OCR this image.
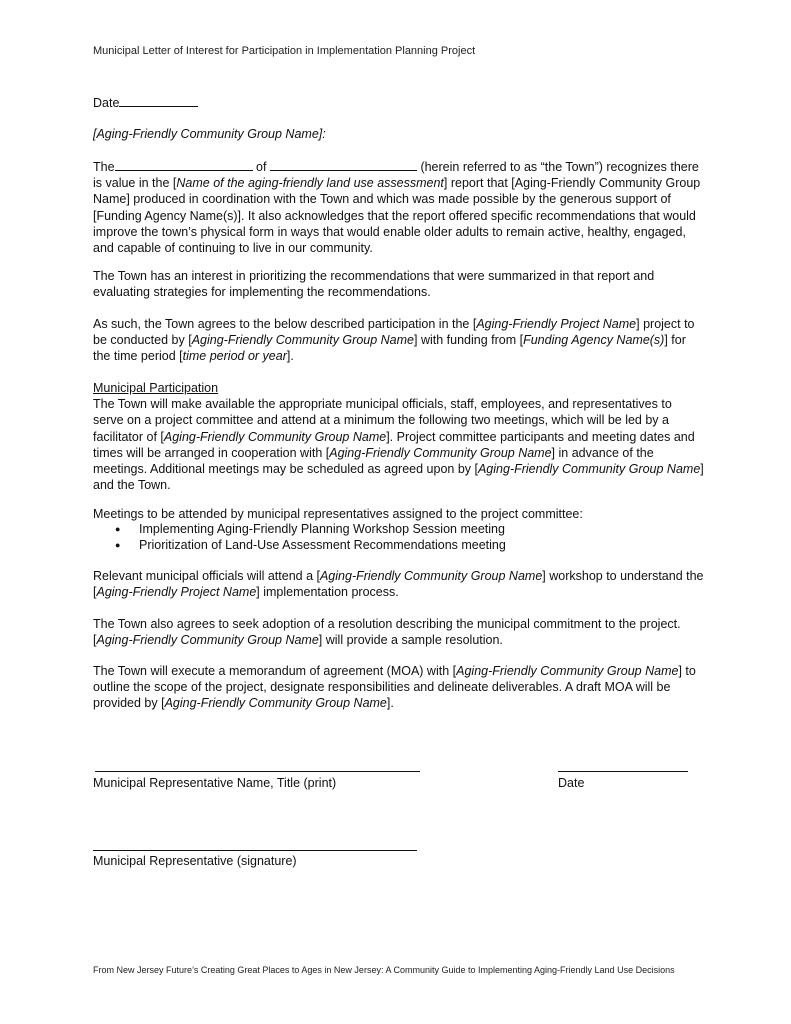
Municipal Letter of Interest for Participation in Implementation Planning Project
Date
[Aging-Friendly Community Group Name]:
The	of	(herein referred to as “the Town”) recognizes there is value in the [Name of the aging-friendly land use assessment] report that [Aging-Friendly Community Group Name] produced in coordination with the Town and which was made possible by the generous support of [Funding Agency Name(s)]. It also acknowledges that the report offered specific recommendations that would improve the town’s physical form in ways that would enable older adults to remain active, healthy, engaged, and capable of continuing to live in our community.
The Town has an interest in prioritizing the recommendations that were summarized in that report and evaluating strategies for implementing the recommendations.
As such, the Town agrees to the below described participation in the [Aging-Friendly Project Name] project to be conducted by [Aging-Friendly Community Group Name] with funding from [Funding Agency Name(s)] for the time period [time period or year].
Municipal Participation
The Town will make available the appropriate municipal officials, staff, employees, and representatives to serve on a project committee and attend at a minimum the following two meetings, which will be led by a facilitator of [Aging-Friendly Community Group Name]. Project committee participants and meeting dates and times will be arranged in cooperation with [Aging-Friendly Community Group Name] in advance of the meetings. Additional meetings may be scheduled as agreed upon by [Aging-Friendly Community Group Name] and the Town.
Meetings to be attended by municipal representatives assigned to the project committee:
● Implementing Aging-Friendly Planning Workshop Session meeting
● Prioritization of Land-Use Assessment Recommendations meeting
Relevant municipal officials will attend a [Aging-Friendly Community Group Name] workshop to understand the [Aging-Friendly Project Name] implementation process.
The Town also agrees to seek adoption of a resolution describing the municipal commitment to the project. [Aging-Friendly Community Group Name] will provide a sample resolution.
The Town will execute a memorandum of agreement (MOA) with [Aging-Friendly Community Group Name] to outline the scope of the project, designate responsibilities and delineate deliverables. A draft MOA will be provided by [Aging-Friendly Community Group Name].
Municipal Representative Name, Title (print)	Date
Municipal Representative (signature)
From New Jersey Future’s Creating Great Places to Ages in New Jersey: A Community Guide to Implementing Aging-Friendly Land Use Decisions
